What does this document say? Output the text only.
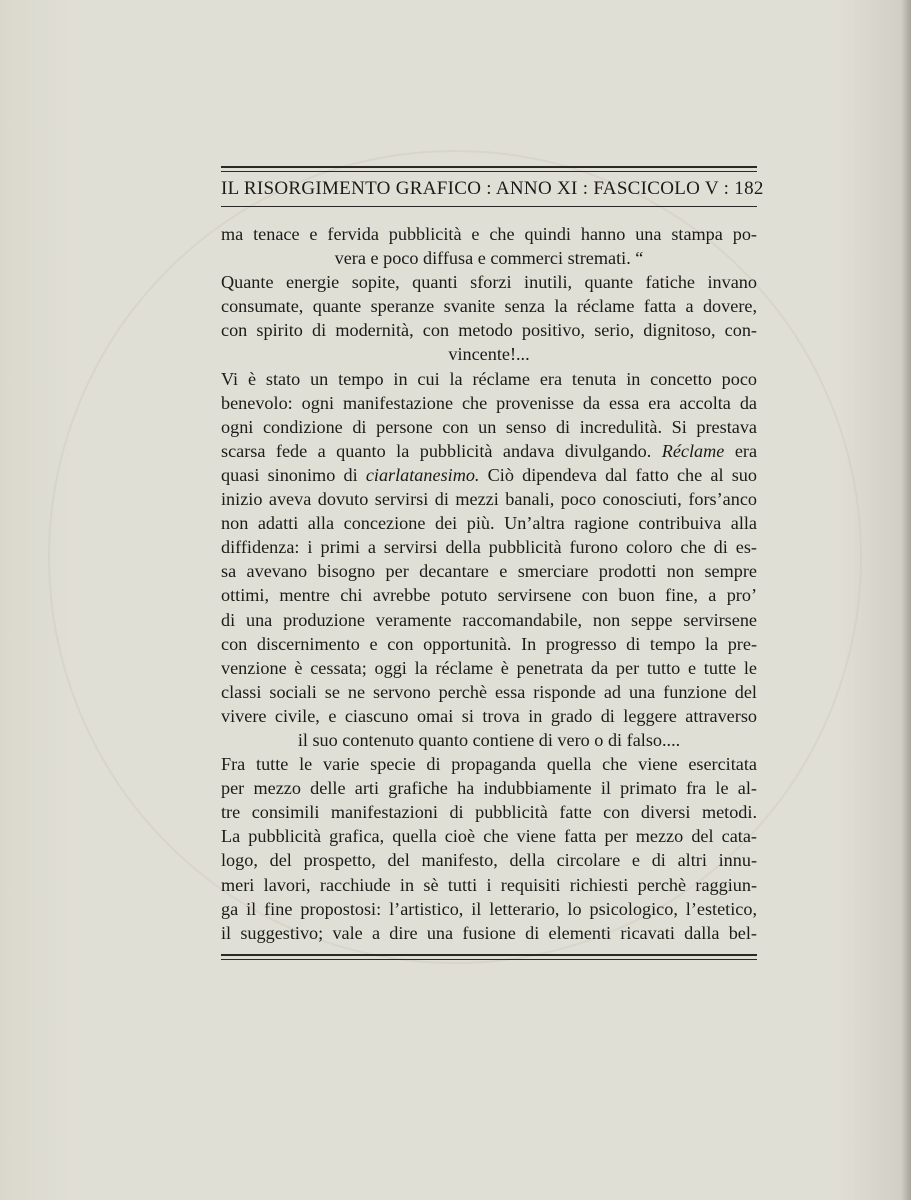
IL RISORGIMENTO GRAFICO : ANNO XI : FASCICOLO V : 182
ma tenace e fervida pubblicità e che quindi hanno una stampa po-
vera e poco diffusa e commerci stremati. “
Quante energie sopite, quanti sforzi inutili, quante fatiche invano
consumate, quante speranze svanite senza la réclame fatta a dovere,
con spirito di modernità, con metodo positivo, serio, dignitoso, con-
vincente!...
Vi è stato un tempo in cui la réclame era tenuta in concetto poco
benevolo: ogni manifestazione che provenisse da essa era accolta da
ogni condizione di persone con un senso di incredulità. Si prestava
scarsa fede a quanto la pubblicità andava divulgando. Réclame era
quasi sinonimo di ciarlatanesimo. Ciò dipendeva dal fatto che al suo
inizio aveva dovuto servirsi di mezzi banali, poco conosciuti, fors’anco
non adatti alla concezione dei più. Un’altra ragione contribuiva alla
diffidenza: i primi a servirsi della pubblicità furono coloro che di es-
sa avevano bisogno per decantare e smerciare prodotti non sempre
ottimi, mentre chi avrebbe potuto servirsene con buon fine, a pro’
di una produzione veramente raccomandabile, non seppe servirsene
con discernimento e con opportunità. In progresso di tempo la pre-
venzione è cessata; oggi la réclame è penetrata da per tutto e tutte le
classi sociali se ne servono perchè essa risponde ad una funzione del
vivere civile, e ciascuno omai si trova in grado di leggere attraverso
il suo contenuto quanto contiene di vero o di falso....
Fra tutte le varie specie di propaganda quella che viene esercitata
per mezzo delle arti grafiche ha indubbiamente il primato fra le al-
tre consimili manifestazioni di pubblicità fatte con diversi metodi.
La pubblicità grafica, quella cioè che viene fatta per mezzo del cata-
logo, del prospetto, del manifesto, della circolare e di altri innu-
meri lavori, racchiude in sè tutti i requisiti richiesti perchè raggiun-
ga il fine propostosi: l’artistico, il letterario, lo psicologico, l’estetico,
il suggestivo; vale a dire una fusione di elementi ricavati dalla bel-
